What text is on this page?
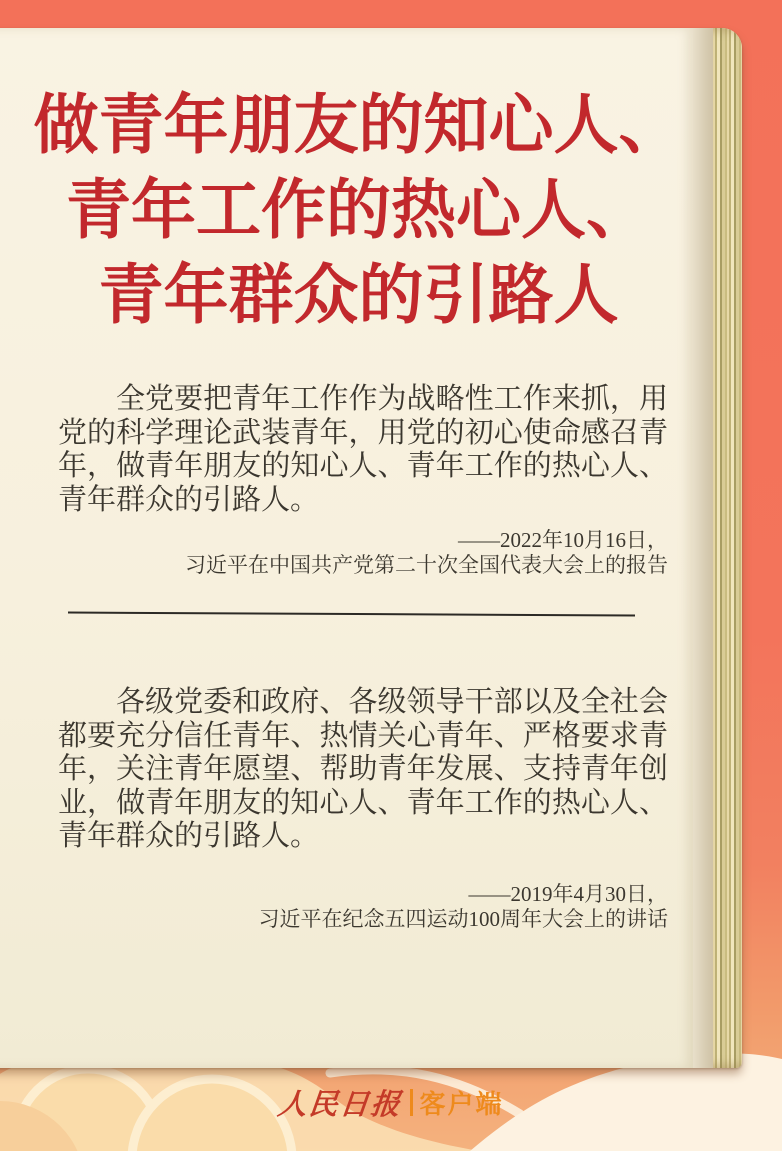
做青年朋友的知心人、
青年工作的热心人、
青年群众的引路人

全党要把青年工作作为战略性工作来抓，用党的科学理论武装青年，用党的初心使命感召青年，做青年朋友的知心人、青年工作的热心人、青年群众的引路人。

——2022年10月16日，
习近平在中国共产党第二十次全国代表大会上的报告

各级党委和政府、各级领导干部以及全社会都要充分信任青年、热情关心青年、严格要求青年，关注青年愿望、帮助青年发展、支持青年创业，做青年朋友的知心人、青年工作的热心人、青年群众的引路人。

——2019年4月30日，
习近平在纪念五四运动100周年大会上的讲话
人民日报 客户端
